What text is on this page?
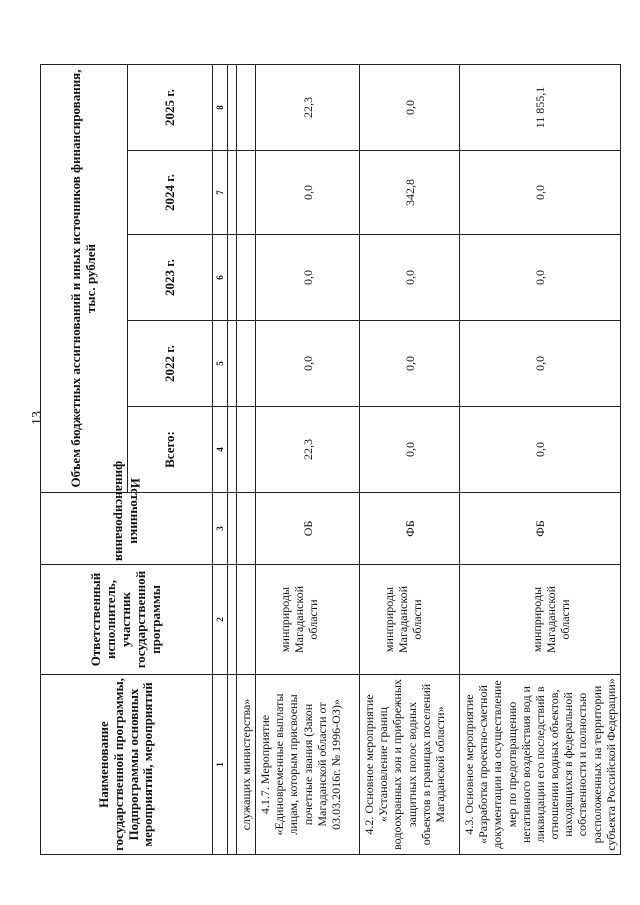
13
Наименование государственной программы, Подпрограммы основных мероприятий, мероприятий	Ответственный исполнитель, участник государственной программы	Источники финансирования	Объем бюджетных ассигнований и иных источников финансирования, тыс. рублей				
			Всего:	2022 г.	2023 г.	2024 г.	2025 г.
1	2	3	4	5	6	7	8

служащих министерства»							
4.1.7. Мероприятие «Единовременные выплаты лицам, которым присвоены почетные звания (Закон Магаданской области от 03.03.2016г. № 1996-ОЗ)»	минприроды Магаданской области	ОБ	22,3	0,0	0,0	0,0	22,3
4.2. Основное мероприятие «Установление границ водоохранных зон и прибрежных защитных полос водных объектов в границах поселений Магаданской области»	минприроды Магаданской области	ФБ	0,0	0,0	0,0	342,8	0,0
4.3. Основное мероприятие «Разработка проектно-сметной документации на осуществление мер по предотвращению негативного воздействия вод и ликвидации его последствий в отношении водных объектов, находящихся в федеральной собственности и полностью расположенных на территории субъекта Российской Федерации»	минприроды Магаданской области	ФБ	0,0	0,0	0,0	0,0	11 855,1
